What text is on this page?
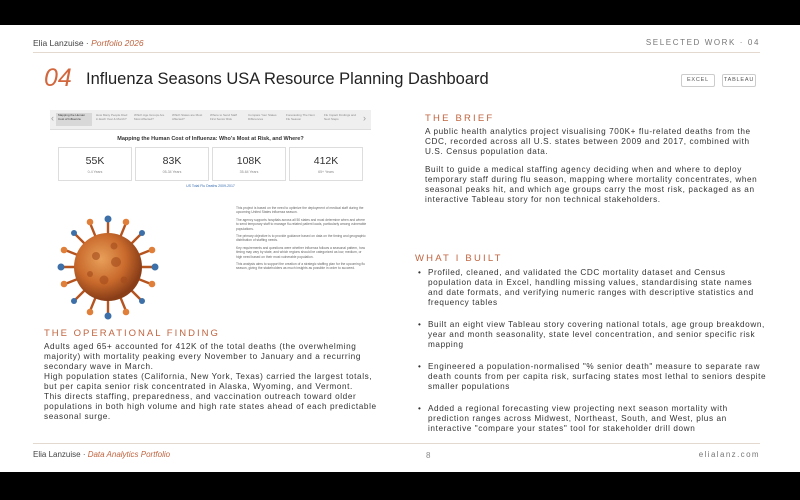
Elia Lanzuise · Portfolio 2026	SELECTED WORK · 04
04 Influenza Seasons USA Resource Planning Dashboard	EXCEL	TABLEAU
‹	Mapping the Human Cost of Influenza
How Many People Died in Each Year & Month?
Which Age Groups Are Most Affected?
Which States are Most Affected?
Where to Send Staff First Senior Risk
Compare Your States Differences
Forecasting The Next Flu Season
Flu Impact Findings and Next Steps	›
Mapping the Human Cost of Influenza: Who's Most at Risk, and Where?
55K
0-4 Years
83K
05-34 Years
108K
35-64 Years
412K
65+ Years
US Total Flu Deaths 2009-2017

This project is based on the need to optimize the deployment of medical staff during the upcoming United States influenza season.

The agency supports hospitals across all 50 states and must determine when and where to send temporary staff to manage flu-related patient loads, particularly among vulnerable populations.

The primary objective is to provide guidance based on data on the timing and geographic distribution of staffing needs.

Key requirements and questions were whether influenza follows a seasonal pattern, how timing may vary by state, and which regions should be categorized as low, medium, or high need based on their most vulnerable population.

This analysis aims to support the creation of a strategic staffing plan for the upcoming flu season, giving the stakeholders as much insights as possible in order to succeed.

THE OPERATIONAL FINDING
Adults aged 65+ accounted for 412K of the total deaths (the overwhelming majority) with mortality peaking every November to January and a recurring secondary wave in March.
High population states (California, New York, Texas) carried the largest totals, but per capita senior risk concentrated in Alaska, Wyoming, and Vermont.
This directs staffing, preparedness, and vaccination outreach toward older populations in both high volume and high rate states ahead of each predictable seasonal surge.
THE BRIEF
A public health analytics project visualising 700K+ flu-related deaths from the CDC, recorded across all U.S. states between 2009 and 2017, combined with U.S. Census population data.
Built to guide a medical staffing agency deciding when and where to deploy temporary staff during flu season, mapping where mortality concentrates, when seasonal peaks hit, and which age groups carry the most risk, packaged as an interactive Tableau story for non technical stakeholders.
WHAT I BUILT
• Profiled, cleaned, and validated the CDC mortality dataset and Census population data in Excel, handling missing values, standardising state names and date formats, and verifying numeric ranges with descriptive statistics and frequency tables
• Built an eight view Tableau story covering national totals, age group breakdown, year and month seasonality, state level concentration, and senior specific risk mapping
• Engineered a population-normalised "% senior death" measure to separate raw death counts from per capita risk, surfacing states most lethal to seniors despite smaller populations
• Added a regional forecasting view projecting next season mortality with prediction ranges across Midwest, Northeast, South, and West, plus an interactive "compare your states" tool for stakeholder drill down
Elia Lanzuise · Data Analytics Portfolio	8	elialanz.com
